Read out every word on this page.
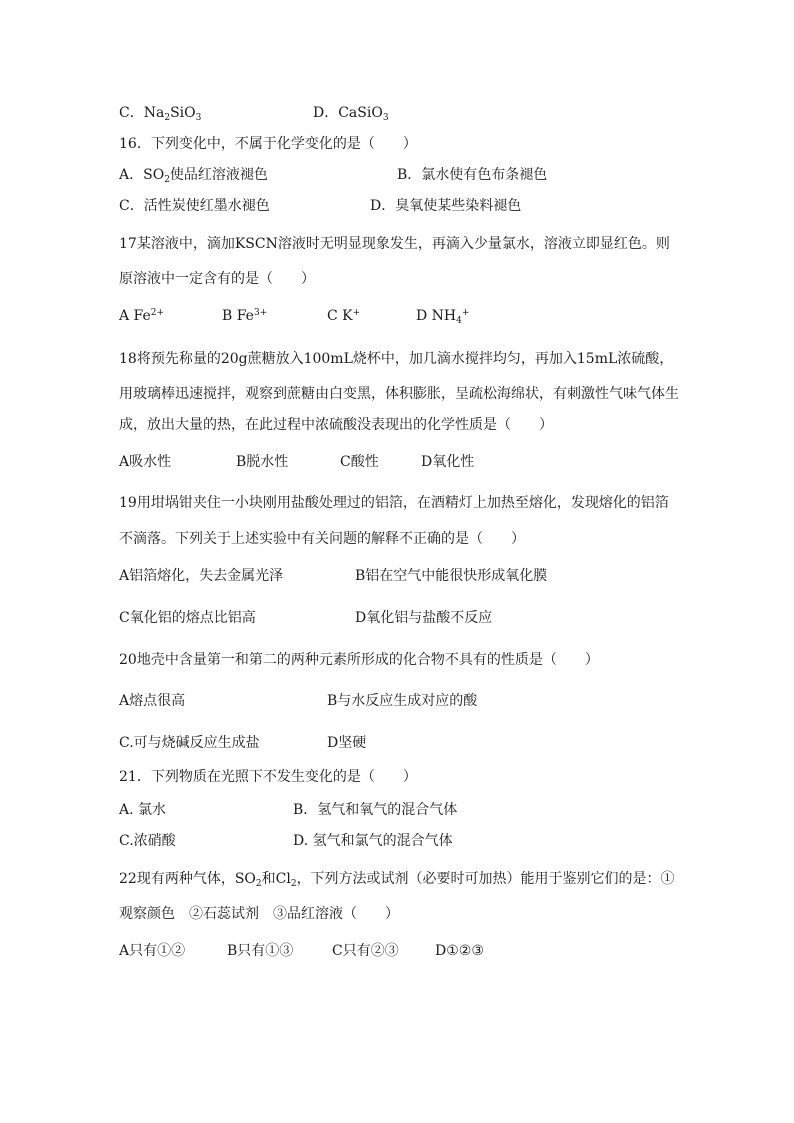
C．$Na_2SiO_3$	D．CaSiO$_3$
16．下列变化中，不属于化学变化的是（　　）
A．$SO_2$使品红溶液褪色	B．氯水使有色布条褪色
C．活性炭使红墨水褪色	D．臭氧使某些染料褪色
17某溶液中，滴加KSCN溶液时无明显现象发生，再滴入少量氯水，溶液立即显红色。则
原溶液中一定含有的是（　　）
A $Fe^{2+}$	B $Fe^{3+}$	C K+	D $NH_4^+$
18将预先称量的20g蔗糖放入100mL烧杯中，加几滴水搅拌均匀，再加入15mL浓硫酸，
用玻璃棒迅速搅拌，观察到蔗糖由白变黑，体积膨胀，呈疏松海绵状，有刺激性气味气体生
成，放出大量的热，在此过程中浓硫酸没表现出的化学性质是（　　）
A吸水性	B脱水性	C酸性	D氧化性
19用坩埚钳夹住一小块刚用盐酸处理过的铝箔，在酒精灯上加热至熔化，发现熔化的铝箔
不滴落。下列关于上述实验中有关问题的解释不正确的是（　　）
A铝箔熔化，失去金属光泽	B铝在空气中能很快形成氧化膜
C氧化铝的熔点比铝高	D氧化铝与盐酸不反应
20地壳中含量第一和第二的两种元素所形成的化合物不具有的性质是（　　）
A熔点很高	B与水反应生成对应的酸
C.可与烧碱反应生成盐	D坚硬
21．下列物质在光照下不发生变化的是（　　）
A. 氯水	B．氢气和氧气的混合气体
C.浓硝酸	D. 氢气和氯气的混合气体
22现有两种气体，$SO_2$和$Cl_2$，下列方法或试剂（必要时可加热）能用于鉴别它们的是：①
观察颜色　②石蕊试剂　③品红溶液（　　）
A只有①②	B只有①③	C只有②③	D①②③
